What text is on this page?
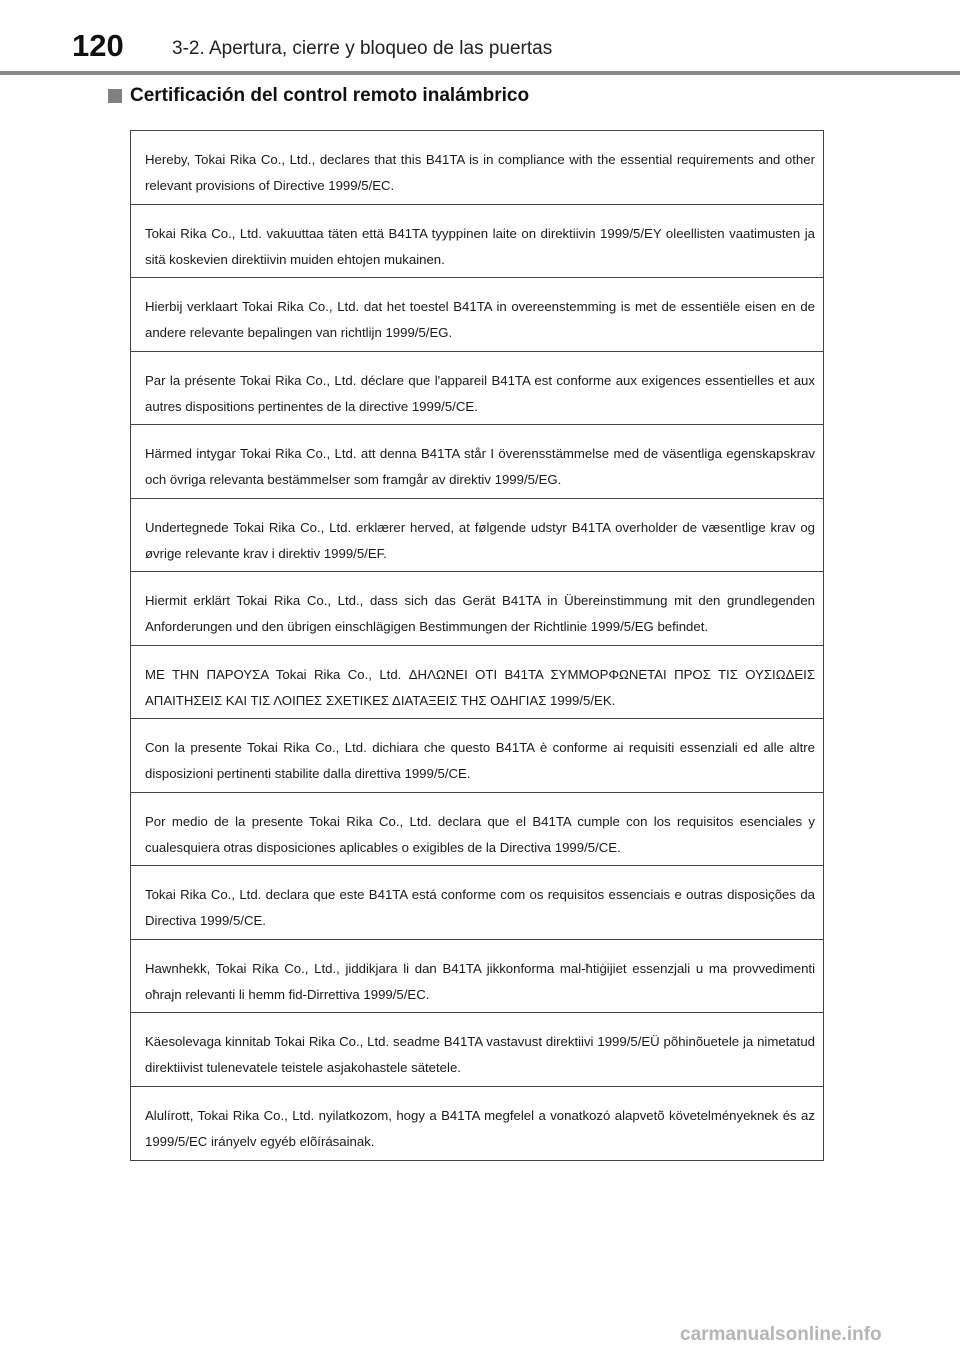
120	3-2. Apertura, cierre y bloqueo de las puertas
Certificación del control remoto inalámbrico
Hereby, Tokai Rika Co., Ltd., declares that this B41TA is in compliance with the essential requirements and other relevant provisions of Directive 1999/5/EC.
Tokai Rika Co., Ltd. vakuuttaa täten että B41TA tyyppinen laite on direktiivin 1999/5/EY oleellisten vaatimusten ja sitä koskevien direktiivin muiden ehtojen mukainen.
Hierbij verklaart Tokai Rika Co., Ltd. dat het toestel B41TA in overeenstemming is met de essentiële eisen en de andere relevante bepalingen van richtlijn 1999/5/EG.
Par la présente Tokai Rika Co., Ltd. déclare que l'appareil B41TA est conforme aux exigences essentielles et aux autres dispositions pertinentes de la directive 1999/5/CE.
Härmed intygar Tokai Rika Co., Ltd. att denna B41TA står I överensstämmelse med de väsentliga egenskapskrav och övriga relevanta bestämmelser som framgår av direktiv 1999/5/EG.
Undertegnede Tokai Rika Co., Ltd. erklærer herved, at følgende udstyr B41TA overholder de væsentlige krav og øvrige relevante krav i direktiv 1999/5/EF.
Hiermit erklärt Tokai Rika Co., Ltd., dass sich das Gerät B41TA in Übereinstimmung mit den grundlegenden Anforderungen und den übrigen einschlägigen Bestimmungen der Richtlinie 1999/5/EG befindet.
ΜΕ ΤΗΝ ΠΑΡΟΥΣΑ Tokai Rika Co., Ltd. ΔΗΛΩΝΕΙ ΟΤΙ B41TA ΣΥΜΜΟΡΦΩΝΕΤΑΙ ΠΡΟΣ ΤΙΣ ΟΥΣΙΩΔΕΙΣ ΑΠΑΙΤΗΣΕΙΣ ΚΑΙ ΤΙΣ ΛΟΙΠΕΣ ΣΧΕΤΙΚΕΣ ΔΙΑΤΑΞΕΙΣ ΤΗΣ ΟΔΗΓΙΑΣ 1999/5/ΕΚ.
Con la presente Tokai Rika Co., Ltd. dichiara che questo B41TA è conforme ai requisiti essenziali ed alle altre disposizioni pertinenti stabilite dalla direttiva 1999/5/CE.
Por medio de la presente Tokai Rika Co., Ltd. declara que el B41TA cumple con los requisitos esenciales y cualesquiera otras disposiciones aplicables o exigibles de la Directiva 1999/5/CE.
Tokai Rika Co., Ltd. declara que este B41TA está conforme com os requisitos essenciais e outras disposições da Directiva 1999/5/CE.
Hawnhekk, Tokai Rika Co., Ltd., jiddikjara li dan B41TA jikkonforma mal-ħtiġijiet essenzjali u ma provvedimenti oħrajn relevanti li hemm fid-Dirrettiva 1999/5/EC.
Käesolevaga kinnitab Tokai Rika Co., Ltd. seadme B41TA vastavust direktiivi 1999/5/EÜ põhinõuetele ja nimetatud direktiivist tulenevatele teistele asjakohastele sätetele.
Alulírott, Tokai Rika Co., Ltd. nyilatkozom, hogy a B41TA megfelel a vonatkozó alapvetõ követelményeknek és az 1999/5/EC irányelv egyéb elõírásainak.
carmanualsonline.info
